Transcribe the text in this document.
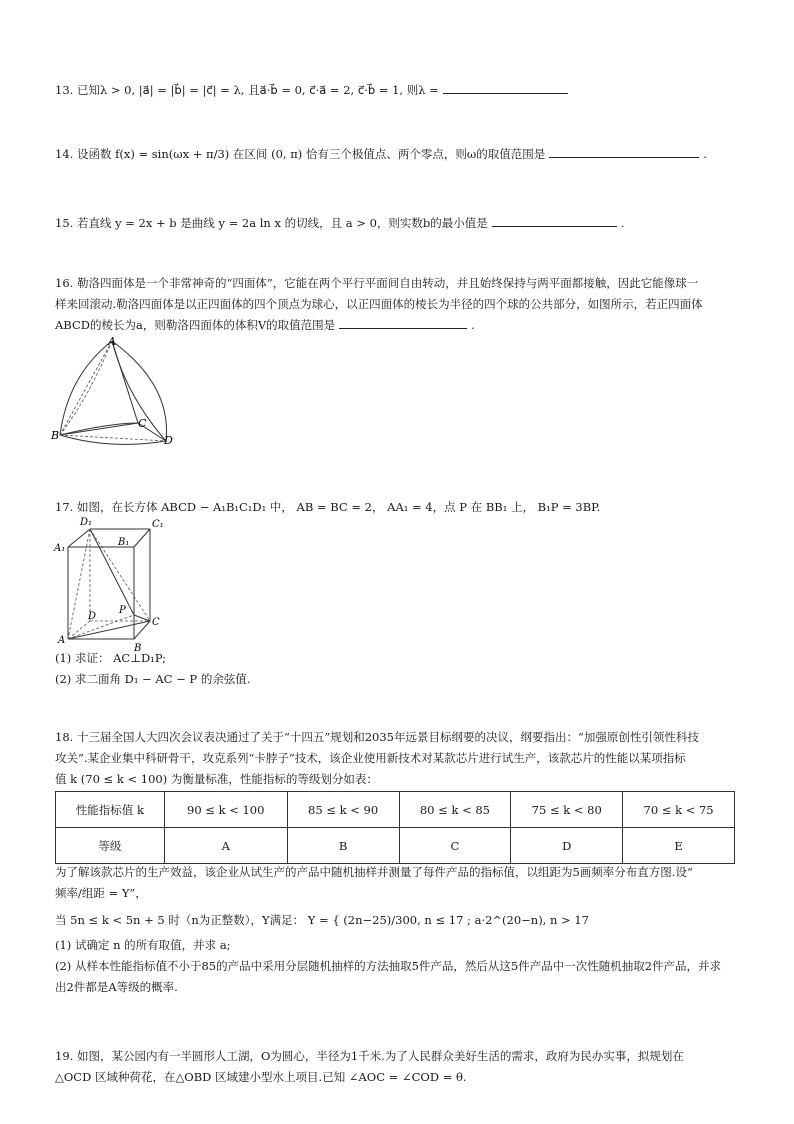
13. 已知λ > 0, |a⃗| = |b⃗| = |c⃗| = λ, 且a⃗·b⃗ = 0, c⃗·a⃗ = 2, c⃗·b⃗ = 1, 则λ =
14. 设函数 f(x) = sin(ωx + π/3) 在区间 (0, π) 恰有三个极值点、两个零点，则ω的取值范围是	.
15. 若直线 y = 2x + b 是曲线 y = 2a ln x 的切线，且 a > 0，则实数b的最小值是	.
16. 勒洛四面体是一个非常神奇的“四面体”，它能在两个平行平面间自由转动，并且始终保持与两平面都接触，因此它能像球一
样来回滚动.勒洛四面体是以正四面体的四个顶点为球心，以正四面体的棱长为半径的四个球的公共部分，如图所示，若正四面体
ABCD的棱长为a，则勒洛四面体的体积V的取值范围是	.
A
B
C
D
17. 如图，在长方体 ABCD − A₁B₁C₁D₁ 中， AB = BC = 2， AA₁ = 4，点 P 在 BB₁ 上， B₁P = 3BP.
D₁	C₁
A₁
B₁
D
P
C
A
B
(1) 求证： AC⊥D₁P;
(2) 求二面角 D₁ − AC − P 的余弦值.
18. 十三届全国人大四次会议表决通过了关于“十四五”规划和2035年远景目标纲要的决议，纲要指出：“加强原创性引领性科技
攻关”.某企业集中科研骨干，攻克系列“卡脖子”技术，该企业使用新技术对某款芯片进行试生产，该款芯片的性能以某项指标
值 k (70 ≤ k < 100) 为衡量标准，性能指标的等级划分如表：
性能指标值 k	90 ≤ k < 100	85 ≤ k < 90	80 ≤ k < 85	75 ≤ k < 80	70 ≤ k < 75
等级	A	B	C	D	E
为了解该款芯片的生产效益，该企业从试生产的产品中随机抽样并测量了每件产品的指标值，以组距为5画频率分布直方图.设“
频率/组距 = Y”，
当 5n ≤ k < 5n + 5 时（n为正整数），Y满足： Y = { (2n−25)/300, n ≤ 17 ; a·2^(20−n), n > 17
(1) 试确定 n 的所有取值，并求 a;
(2) 从样本性能指标值不小于85的产品中采用分层随机抽样的方法抽取5件产品，然后从这5件产品中一次性随机抽取2件产品，并求
出2件都是A等级的概率.
19. 如图，某公园内有一半圆形人工湖，O为圆心，半径为1千米.为了人民群众美好生活的需求，政府为民办实事，拟规划在
△OCD 区域种荷花，在△OBD 区域建小型水上项目.已知 ∠AOC = ∠COD = θ.
